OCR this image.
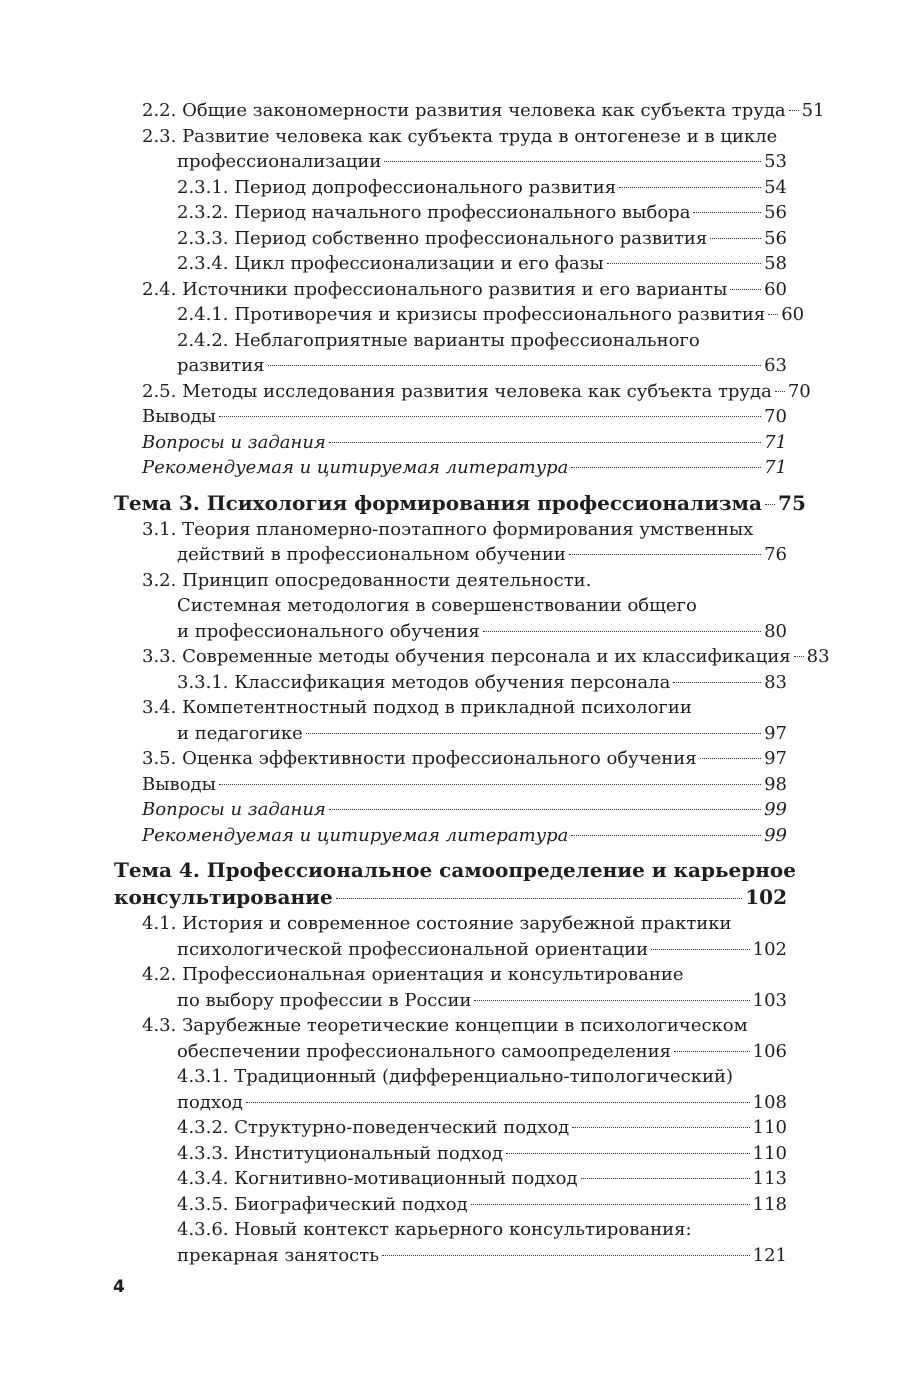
2.2. Общие закономерности развития человека как субъекта труда 51
2.3. Развитие человека как субъекта труда в онтогенезе и в цикле
профессионализации	53
2.3.1. Период допрофессионального развития	54
2.3.2. Период начального профессионального выбора	56
2.3.3. Период собственно профессионального развития	56
2.3.4. Цикл профессионализации и его фазы	58
2.4. Источники профессионального развития и его варианты 60
2.4.1. Противоречия и кризисы профессионального развития 60
2.4.2. Неблагоприятные варианты профессионального
развития	63
2.5. Методы исследования развития человека как субъекта труда 70
Выводы	70
Вопросы и задания	71
Рекомендуемая и цитируемая литература	71
Тема 3. Психология формирования профессионализма 75
3.1. Теория планомерно-поэтапного формирования умственных
действий в профессиональном обучении	76
3.2. Принцип опосредованности деятельности.
Системная методология в совершенствовании общего
и профессионального обучения	80
3.3. Современные методы обучения персонала и их классификация 83
3.3.1. Классификация методов обучения персонала	83
3.4. Компетентностный подход в прикладной психологии
и педагогике	97
3.5. Оценка эффективности профессионального обучения	97
Выводы	98
Вопросы и задания	99
Рекомендуемая и цитируемая литература	99
Тема 4. Профессиональное самоопределение и карьерное
консультирование	102
4.1. История и современное состояние зарубежной практики
психологической профессиональной ориентации	102
4.2. Профессиональная ориентация и консультирование
по выбору профессии в России	103
4.3. Зарубежные теоретические концепции в психологическом
обеспечении профессионального самоопределения	106
4.3.1. Традиционный (дифференциально-типологический)
подход	108
4.3.2. Структурно-поведенческий подход	110
4.3.3. Институциональный подход	110
4.3.4. Когнитивно-мотивационный подход	113
4.3.5. Биографический подход	118
4.3.6. Новый контекст карьерного консультирования:
прекарная занятость	121
4
